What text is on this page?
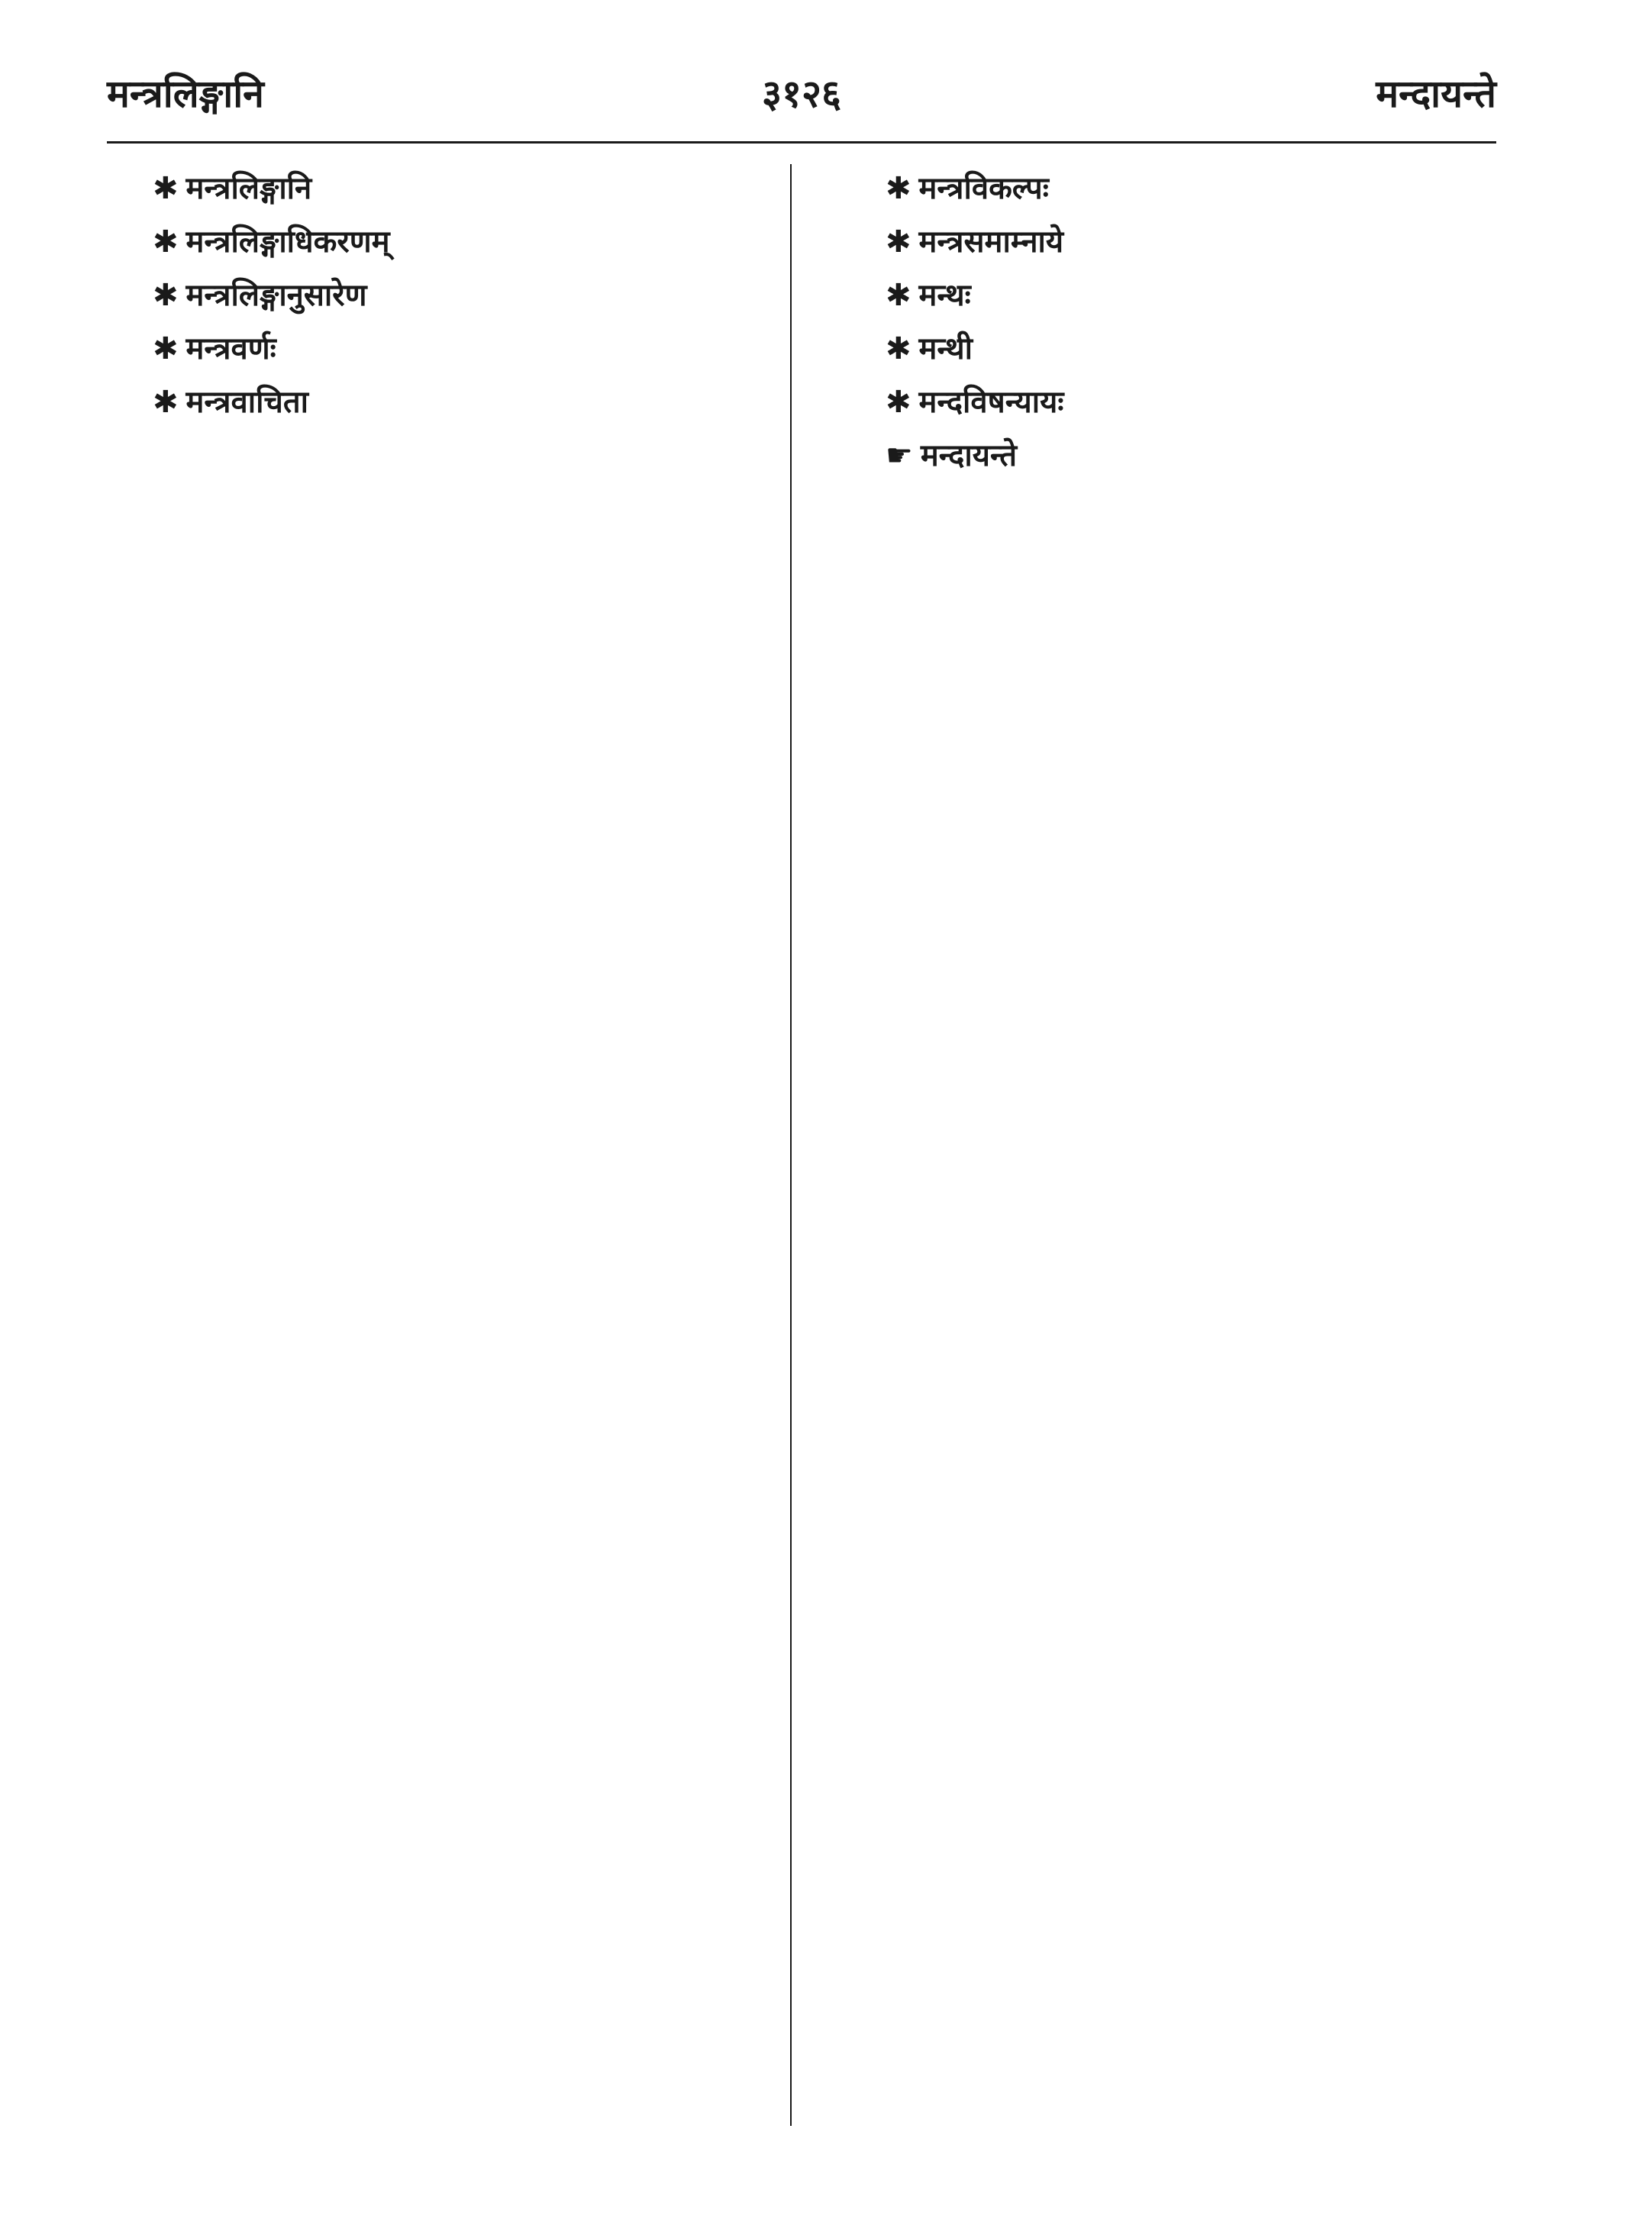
मन्त्रलिङ्गानि	३१२६	मन्दायन्ते
✱ मन्त्रलिङ्गानि
✱ मन्त्रलिङ्गाधिकरणम्
✱ मन्त्रलिङ्गानुसारेण
✱ मन्त्रवर्णः
✱ मन्त्रवाचिता
✱ मन्त्रविकल्पः
✱ मन्त्रसमाम्नाये
✱ मन्थः
✱ मन्थी
✱ मन्दविषन्यायः
☛ मन्दायन्ते
